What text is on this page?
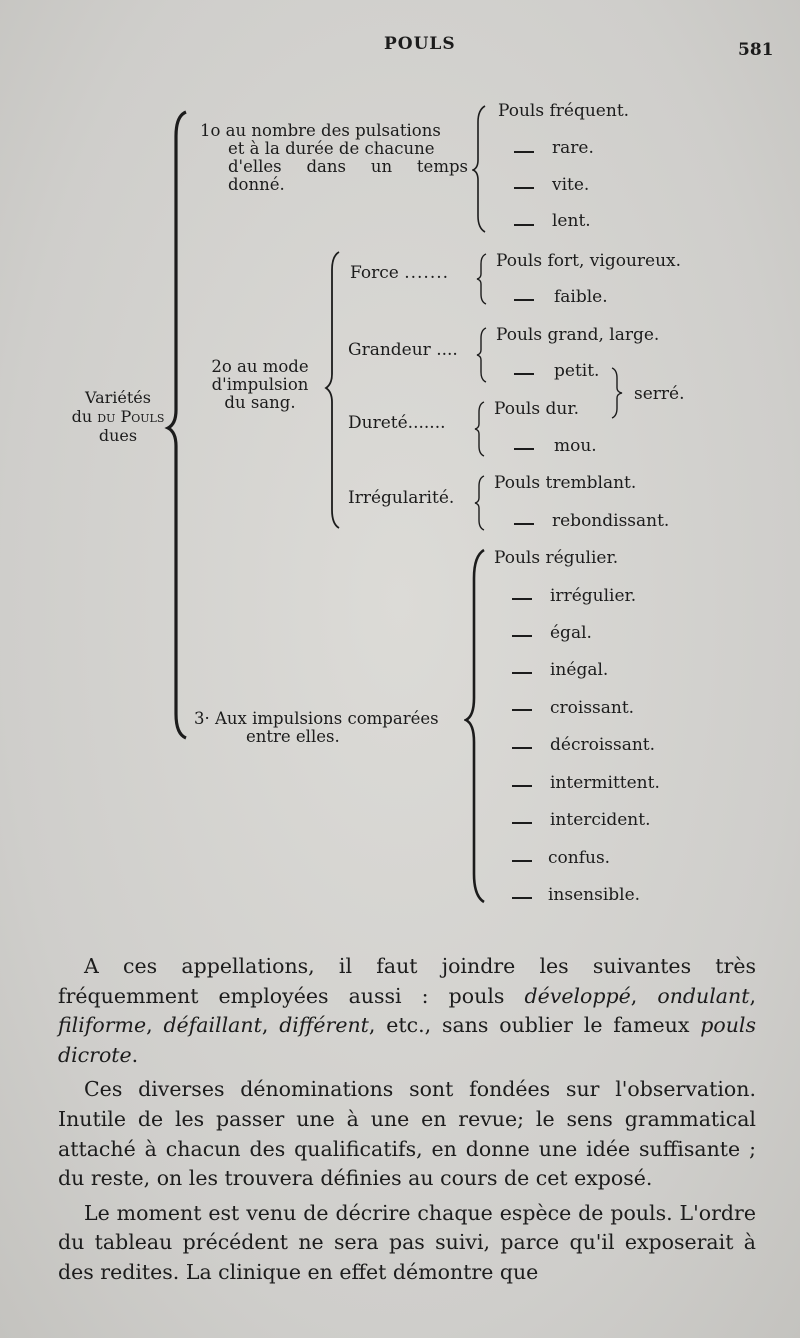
POULS	581
Variétés
du du Pouls
dues
1o au nombre des pulsations
et à la durée de chacune
d'elles dans un temps
donné.
Pouls fréquent.
rare.
vite.
lent.
2o au mode
d'impulsion
du sang.
Force .......
Pouls fort, vigoureux.
faible.
Grandeur ....
Pouls grand, large.
petit.
serré.
Dureté.......
Pouls dur.
mou.
Irrégularité.
Pouls tremblant.
rebondissant.
3· Aux impulsions comparées
entre elles.
Pouls régulier.
irrégulier.
égal.
inégal.
croissant.
décroissant.
intermittent.
intercident.
confus.
insensible.

A ces appellations, il faut joindre les suivantes très fréquemment employées aussi : pouls développé, ondulant, filiforme, défaillant, différent, etc., sans oublier le fameux pouls dicrote.

Ces diverses dénominations sont fondées sur l'observation. Inutile de les passer une à une en revue; le sens grammatical attaché à chacun des qualificatifs, en donne une idée suffisante ; du reste, on les trouvera définies au cours de cet exposé.

Le moment est venu de décrire chaque espèce de pouls. L'ordre du tableau précédent ne sera pas suivi, parce qu'il exposerait à des redites. La clinique en effet démontre que
